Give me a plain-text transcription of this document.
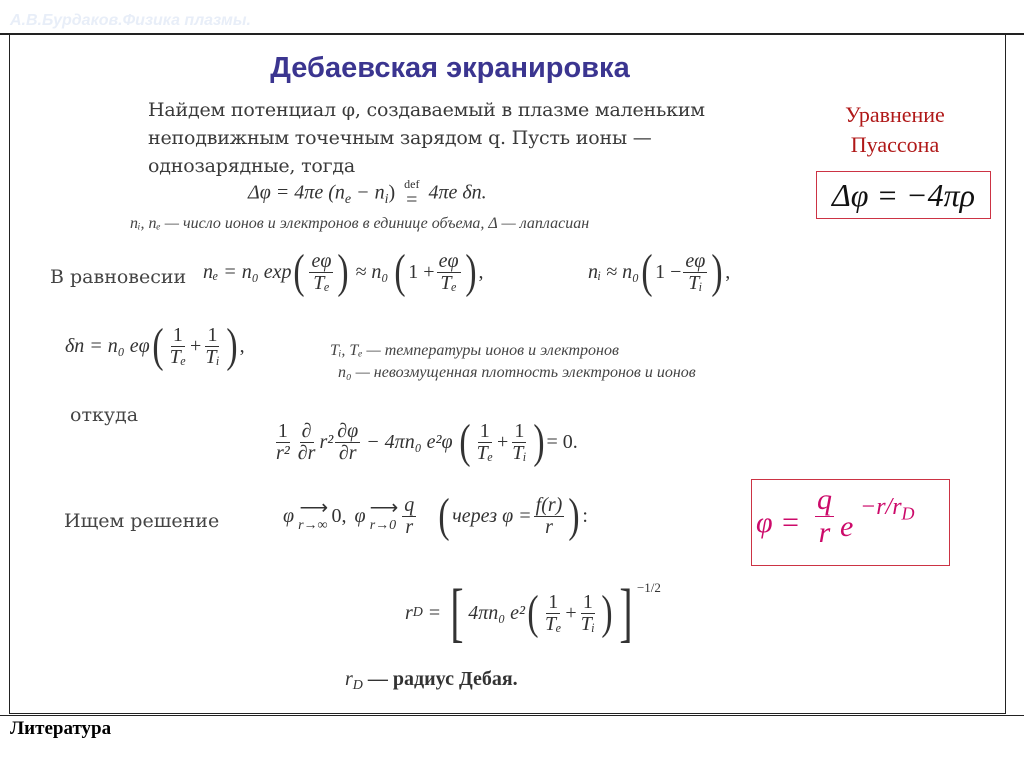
А.В.Бурдаков.Физика плазмы.
Дебаевская экранировка
Найдем потенциал φ, создаваемый в плазме маленьким неподвижным точечным зарядом q. Пусть ионы — однозарядные, тогда
Δφ = 4πe $(n_e - n_i)$ def
= 4πe δn.
nᵢ, nₑ — число ионов и электронов в единице объема, Δ — лапласиан
В равновесии nₑ = n₀ exp ( $\frac{e\varphi}{\text{Tₑ}}$ ) ≈ n₀ ( $1 + \frac{e\varphi}{\text{Tₑ}}$ ) ,	nᵢ ≈ n₀ ( $1 - \frac{e\varphi}{\text{Tᵢ}}$ ) ,
δn = n₀ eφ ( $\frac{1}{\text{Tₑ}} + \frac{1}{\text{Tᵢ}}$ ) ,	Tᵢ, Tₑ — температуры ионов и электронов
n₀ — невозмущенная плотность электронов и ионов
откуда
$\frac{1}{\text{r²}} \frac{\partial}{\partial r} r^2 \frac{\partial\varphi}{\partial r} - 4\pi n_0$ e²φ ( $\frac{1}{\text{Tₑ}} + \frac{1}{\text{Tᵢ}}$ ) = 0.
Ищем решение	φ ⟶
r→∞ 0, φ ⟶
$r\to 0 \frac{q}{r}$ ( через $\varphi = \frac{f(r)}{r}$ ) :
r D = [ 4πn₀ e² ( $\frac{1}{\text{Tₑ}} + \frac{1}{\text{Tᵢ}}$ ) ] −1/2
$r_D$ — радиус Дебая.
Уравнение
Пуассона
Δφ = −4πρ
φ =
q
r e
$-r/r_D$
Литература
